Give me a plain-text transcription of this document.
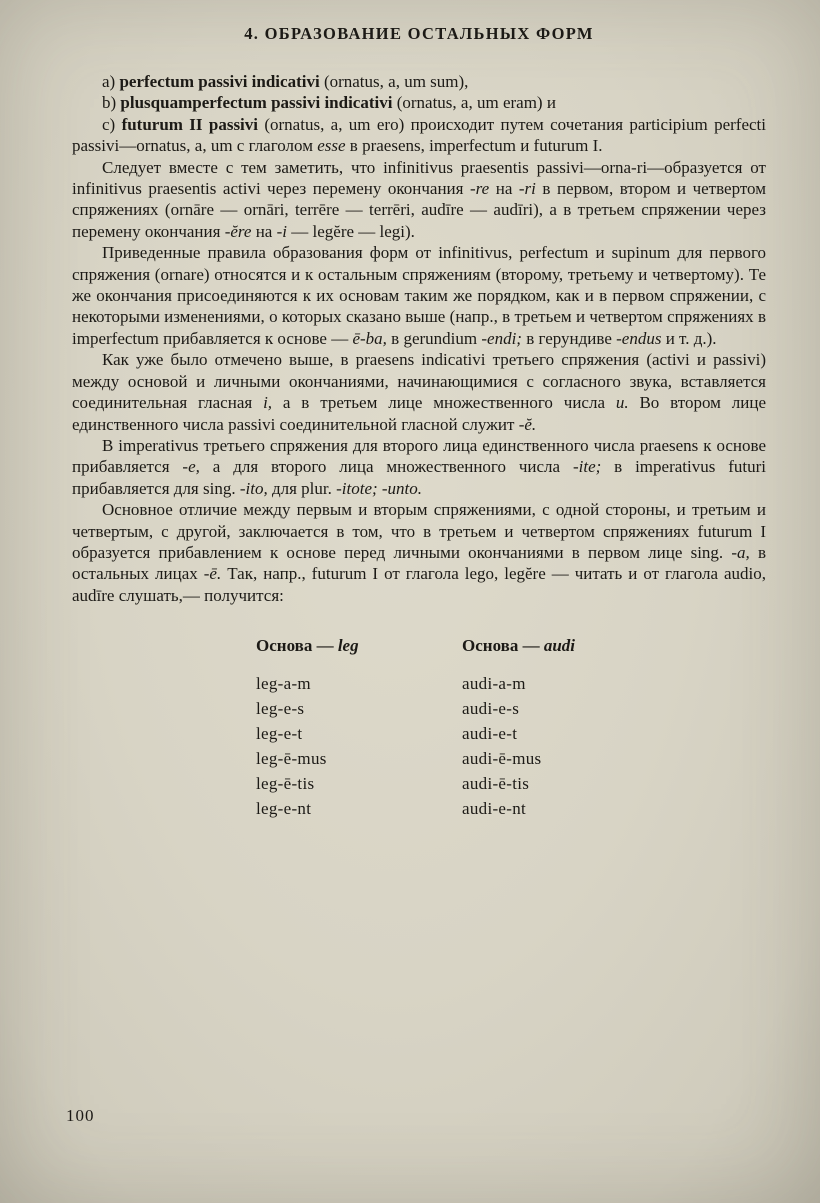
4. ОБРАЗОВАНИЕ ОСТАЛЬНЫХ ФОРМ

a) perfectum passivi indicativi (ornatus, a, um sum),

b) plusquamperfectum passivi indicativi (ornatus, a, um eram) и

c) futurum II passivi (ornatus, a, um ero) происходит путем сочетания participium perfecti passivi—ornatus, a, um с глаголом esse в praesens, imperfectum и futurum I.

Следует вместе с тем заметить, что infinitivus praesentis passivi—orna-ri—образуется от infinitivus praesentis activi через перемену окончания -re на -ri в первом, втором и четвертом спряжениях (ornāre — ornāri, terrēre — terrēri, audīre — audīri), а в третьем спряжении через перемену окончания -ĕre на -i — legĕre — legi).

Приведенные правила образования форм от infinitivus, perfectum и supinum для первого спряжения (ornare) относятся и к остальным спряжениям (второму, третьему и четвертому). Те же окончания присоединяются к их основам таким же порядком, как и в первом спряжении, с некоторыми изменениями, о которых сказано выше (напр., в третьем и четвертом спряжениях в imperfectum прибавляется к основе — ē-ba, в gerundium -endi; в герундиве -endus и т. д.).

Как уже было отмечено выше, в praesens indicativi третьего спряжения (activi и passivi) между основой и личными окончаниями, начинающимися с согласного звука, вставляется соединительная гласная i, а в третьем лице множественного числа u. Во втором лице единственного числа passivi соединительной гласной служит -ĕ.

В imperativus третьего спряжения для второго лица единственного числа praesens к основе прибавляется -e, а для второго лица множественного числа -ite; в imperativus futuri прибавляется для sing. -ito, для plur. -itote; -unto.

Основное отличие между первым и вторым спряжениями, с одной стороны, и третьим и четвертым, с другой, заключается в том, что в третьем и четвертом спряжениях futurum I образуется прибавлением к основе перед личными окончаниями в первом лице sing. -a, в остальных лицах -ē. Так, напр., futurum I от глагола lego, legĕre — читать и от глагола audio, audīre слушать,— получится:

Основа — leg	Основа — audi
leg-a-m	audi-a-m
leg-e-s	audi-e-s
leg-e-t	audi-e-t
leg-ē-mus	audi-ē-mus
leg-ē-tis	audi-ē-tis
leg-e-nt	audi-e-nt
100
